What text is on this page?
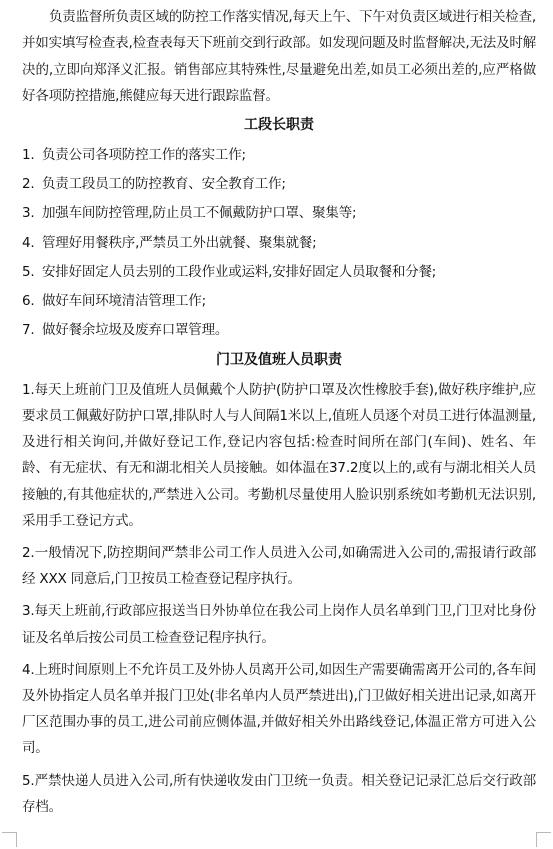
负责监督所负责区域的防控工作落实情况,每天上午、下午对负责区域进行相关检查,并如实填写检查表,检查表每天下班前交到行政部。如发现问题及时监督解决,无法及时解决的,立即向郑泽义汇报。销售部应其特殊性,尽量避免出差,如员工必须出差的,应严格做好各项防控措施,熊健应每天进行跟踪监督。

工段长职责
1. 负责公司各项防控工作的落实工作;
2. 负责工段员工的防控教育、安全教育工作;
3. 加强车间防控管理,防止员工不佩戴防护口罩、聚集等;
4. 管理好用餐秩序,严禁员工外出就餐、聚集就餐;
5. 安排好固定人员去别的工段作业或运料,安排好固定人员取餐和分餐;
6. 做好车间环境清洁管理工作;
7. 做好餐余垃圾及废弃口罩管理。
门卫及值班人员职责

1.每天上班前门卫及值班人员佩戴个人防护(防护口罩及次性橡胶手套),做好秩序维护,应要求员工佩戴好防护口罩,排队时人与人间隔1米以上,值班人员逐个对员工进行体温测量,及进行相关询问,并做好登记工作,登记内容包括:检查时间所在部门(车间)、姓名、年龄、有无症状、有无和湖北相关人员接触。如体温在37.2度以上的,或有与湖北相关人员接触的,有其他症状的,严禁进入公司。考勤机尽量使用人脸识别系统如考勤机无法识别,采用手工登记方式。

2.一般情况下,防控期间严禁非公司工作人员进入公司,如确需进入公司的,需报请行政部经 XXX 同意后,门卫按员工检查登记程序执行。

3.每天上班前,行政部应报送当日外协单位在我公司上岗作人员名单到门卫,门卫对比身份证及名单后按公司员工检查登记程序执行。

4.上班时间原则上不允许员工及外协人员离开公司,如因生产需要确需离开公司的,各车间及外协指定人员名单并报门卫处(非名单内人员严禁进出),门卫做好相关进出记录,如离开厂区范围办事的员工,进公司前应侧体温,并做好相关外出路线登记,体温正常方可进入公司。

5.严禁快递人员进入公司,所有快递收发由门卫统一负责。相关登记记录汇总后交行政部存档。
